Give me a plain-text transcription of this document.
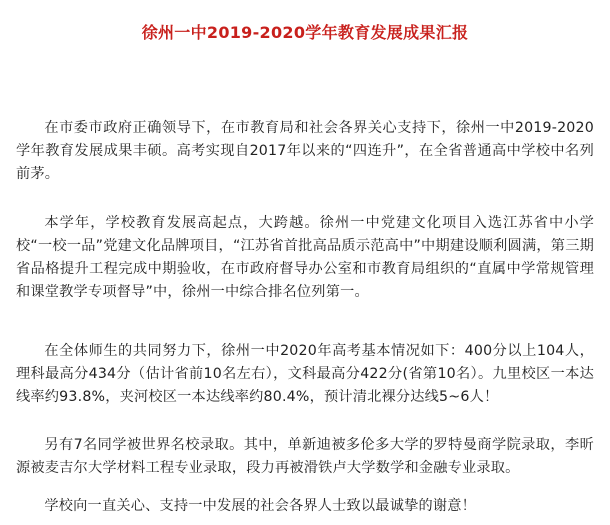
徐州一中2019-2020学年教育发展成果汇报

在市委市政府正确领导下，在市教育局和社会各界关心支持下，徐州一中2019-2020学年教育发展成果丰硕。高考实现自2017年以来的“四连升”，在全省普通高中学校中名列前茅。

本学年，学校教育发展高起点，大跨越。徐州一中党建文化项目入选江苏省中小学校“一校一品”党建文化品牌项目，“江苏省首批高品质示范高中”中期建设顺利圆满，第三期省品格提升工程完成中期验收，在市政府督导办公室和市教育局组织的“直属中学常规管理和课堂教学专项督导”中，徐州一中综合排名位列第一。

在全体师生的共同努力下，徐州一中2020年高考基本情况如下：400分以上104人，理科最高分434分（估计省前10名左右），文科最高分422分(省第10名）。九里校区一本达线率约93.8%，夹河校区一本达线率约80.4%，预计清北裸分达线5~6人！

另有7名同学被世界名校录取。其中，单新迪被多伦多大学的罗特曼商学院录取，李昕源被麦吉尔大学材料工程专业录取，段力再被滑铁卢大学数学和金融专业录取。

学校向一直关心、支持一中发展的社会各界人士致以最诚挚的谢意！
